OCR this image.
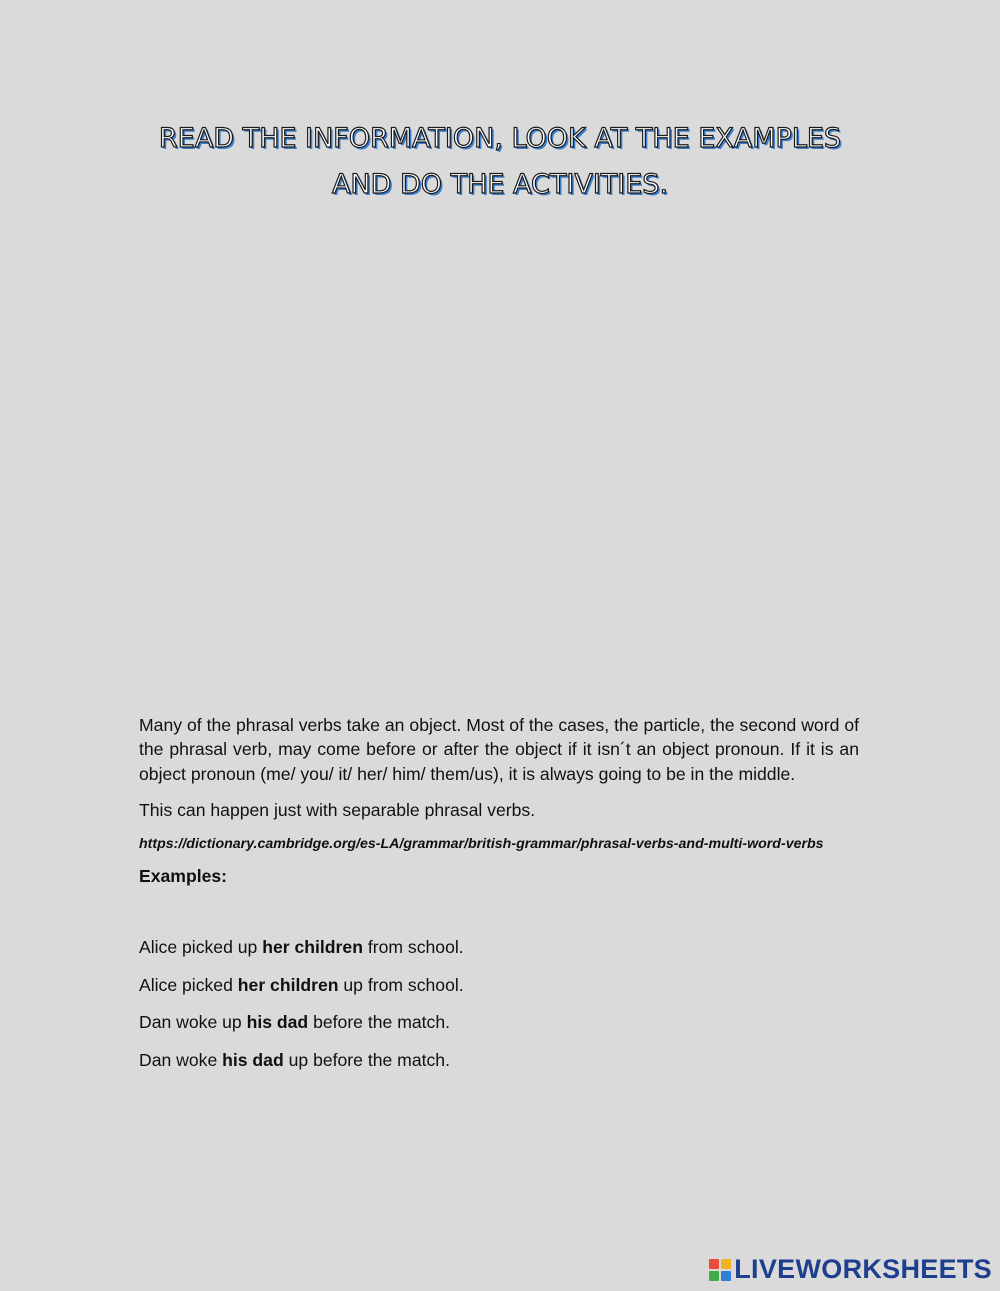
READ THE INFORMATION, LOOK AT THE EXAMPLES
AND DO THE ACTIVITIES.

Many of the phrasal verbs take an object. Most of the cases, the particle, the second word of the phrasal verb, may come before or after the object if it isn´t an object pronoun. If it is an object pronoun (me/ you/ it/ her/ him/ them/us), it is always going to be in the middle.

This can happen just with separable phrasal verbs.

https://dictionary.cambridge.org/es-LA/grammar/british-grammar/phrasal-verbs-and-multi-word-verbs

Examples:

Alice picked up her children from school.
Alice picked her children up from school.
Dan woke up his dad before the match.
Dan woke his dad up before the match.
LIVEWORKSHEETS
